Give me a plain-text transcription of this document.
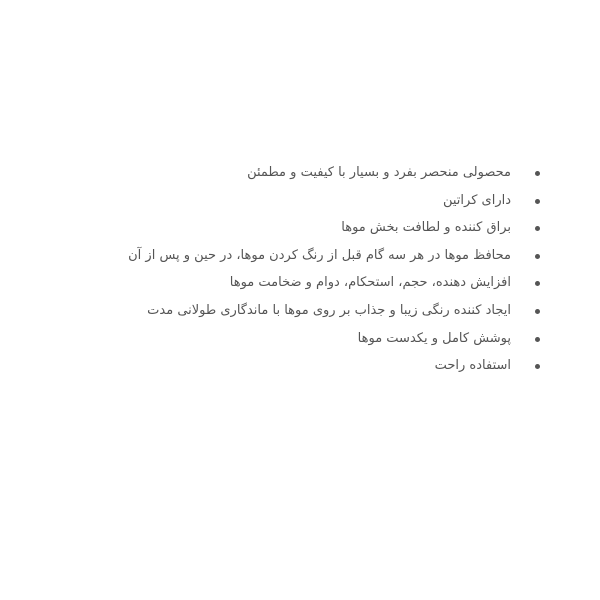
محصولی منحصر بفرد و بسیار با کیفیت و مطمئن
دارای کراتین
براق کننده و لطافت بخش موها
محافظ موها در هر سه گام قبل از رنگ کردن موها، در حین و پس از آن
افزایش دهنده، حجم، استحکام، دوام و ضخامت موها
ایجاد کننده رنگی زیبا و جذاب بر روی موها با ماندگاری طولانی مدت
پوشش کامل و یکدست موها
استفاده راحت
